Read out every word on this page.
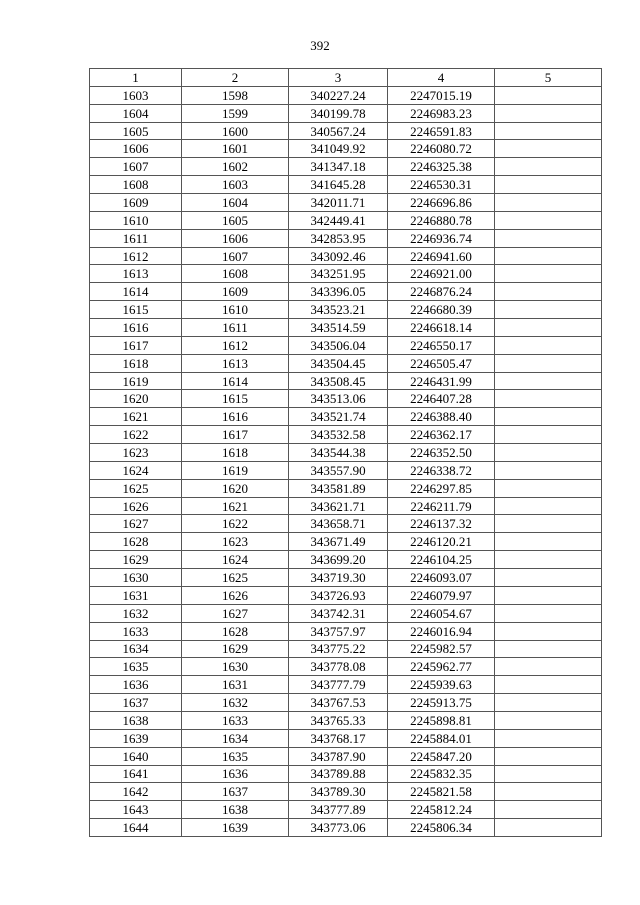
392
1	2	3	4	5
1603	1598	340227.24	2247015.19	
1604	1599	340199.78	2246983.23	
1605	1600	340567.24	2246591.83	
1606	1601	341049.92	2246080.72	
1607	1602	341347.18	2246325.38	
1608	1603	341645.28	2246530.31	
1609	1604	342011.71	2246696.86	
1610	1605	342449.41	2246880.78	
1611	1606	342853.95	2246936.74	
1612	1607	343092.46	2246941.60	
1613	1608	343251.95	2246921.00	
1614	1609	343396.05	2246876.24	
1615	1610	343523.21	2246680.39	
1616	1611	343514.59	2246618.14	
1617	1612	343506.04	2246550.17	
1618	1613	343504.45	2246505.47	
1619	1614	343508.45	2246431.99	
1620	1615	343513.06	2246407.28	
1621	1616	343521.74	2246388.40	
1622	1617	343532.58	2246362.17	
1623	1618	343544.38	2246352.50	
1624	1619	343557.90	2246338.72	
1625	1620	343581.89	2246297.85	
1626	1621	343621.71	2246211.79	
1627	1622	343658.71	2246137.32	
1628	1623	343671.49	2246120.21	
1629	1624	343699.20	2246104.25	
1630	1625	343719.30	2246093.07	
1631	1626	343726.93	2246079.97	
1632	1627	343742.31	2246054.67	
1633	1628	343757.97	2246016.94	
1634	1629	343775.22	2245982.57	
1635	1630	343778.08	2245962.77	
1636	1631	343777.79	2245939.63	
1637	1632	343767.53	2245913.75	
1638	1633	343765.33	2245898.81	
1639	1634	343768.17	2245884.01	
1640	1635	343787.90	2245847.20	
1641	1636	343789.88	2245832.35	
1642	1637	343789.30	2245821.58	
1643	1638	343777.89	2245812.24	
1644	1639	343773.06	2245806.34	
